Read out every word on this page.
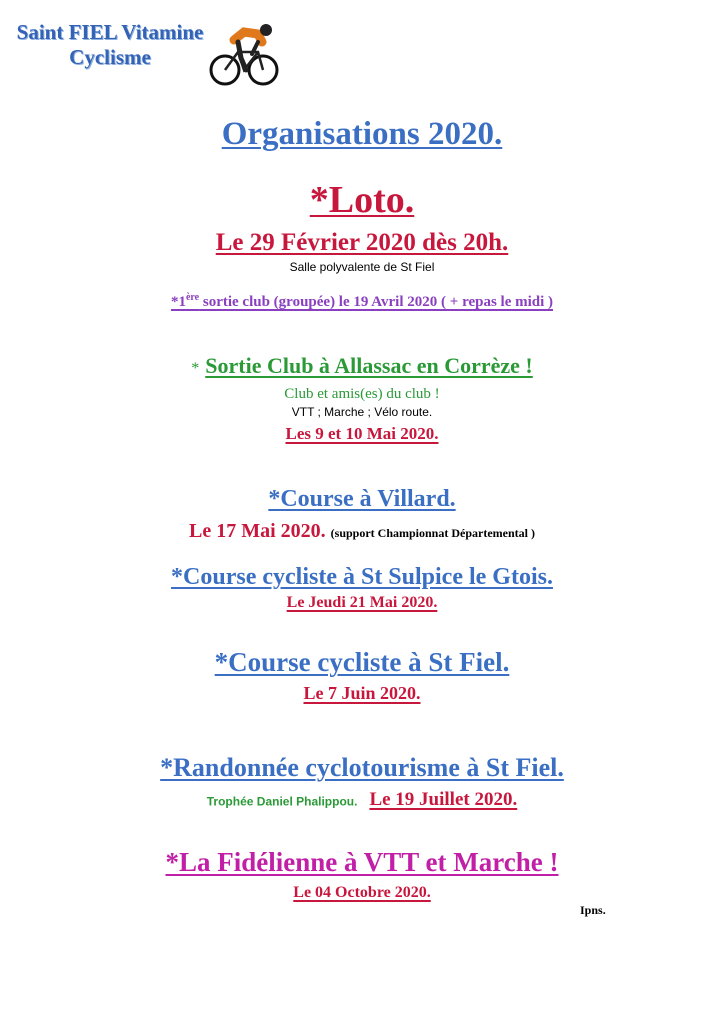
Saint FIEL Vitamine
Cyclisme
Organisations 2020.
*Loto.
Le 29 Février 2020 dès 20h.
Salle polyvalente de St Fiel
*1ère sortie club (groupée) le 19 Avril 2020 ( + repas le midi )
* Sortie Club à Allassac en Corrèze !
Club et amis(es) du club !
VTT ; Marche ; Vélo route.
Les 9 et 10 Mai 2020.
*Course à Villard.
Le 17 Mai 2020. (support Championnat Départemental )
*Course cycliste à St Sulpice le Gtois.
Le Jeudi 21 Mai 2020.
*Course cycliste à St Fiel.
Le 7 Juin 2020.
*Randonnée cyclotourisme à St Fiel.
Trophée Daniel Phalippou. Le 19 Juillet 2020.
*La Fidélienne à VTT et Marche !
Le 04 Octobre 2020.
Ipns.
